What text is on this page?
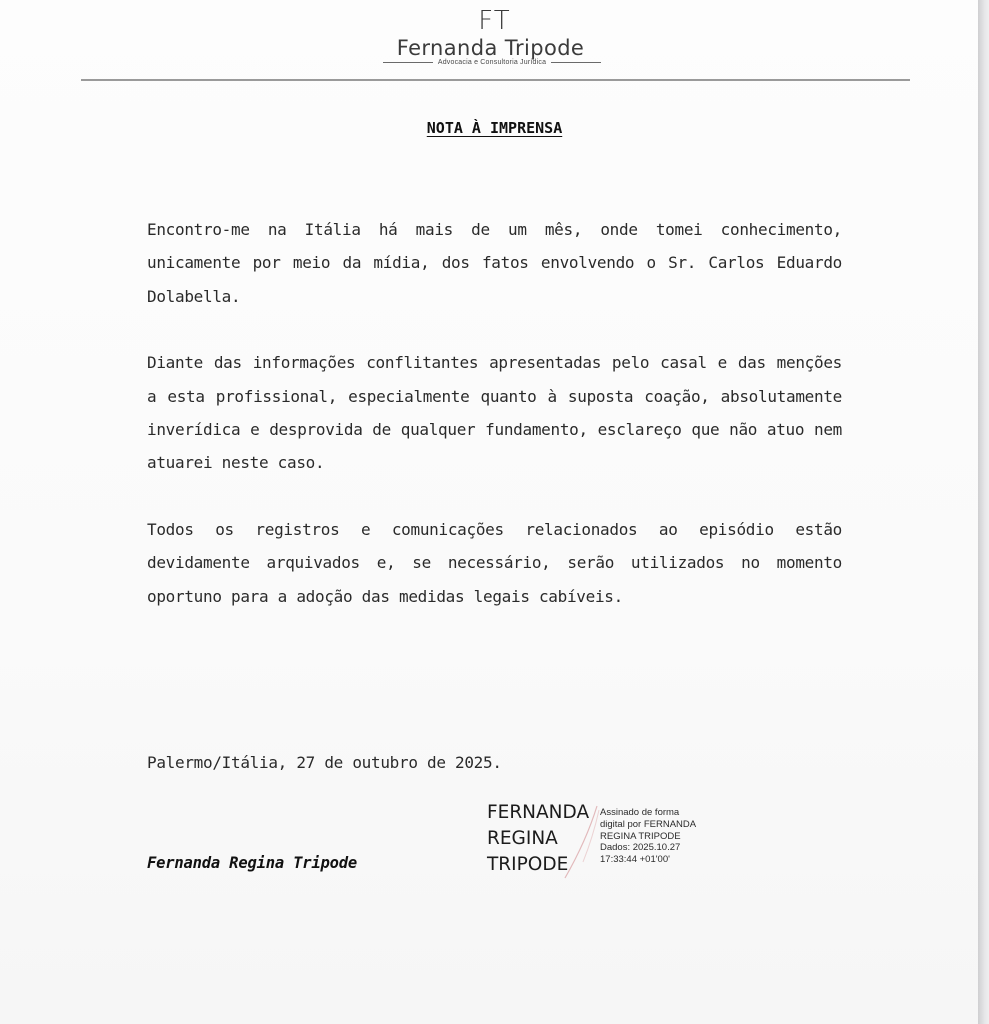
FT
Fernanda Tripode
Advocacia e Consultoria Jurídica
NOTA À IMPRENSA

Encontro-me na Itália há mais de um mês, onde tomei conhecimento, unicamente por meio da mídia, dos fatos envolvendo o Sr. Carlos Eduardo Dolabella.

Diante das informações conflitantes apresentadas pelo casal e das menções a esta profissional, especialmente quanto à suposta coação, absolutamente inverídica e desprovida de qualquer fundamento, esclareço que não atuo nem atuarei neste caso.

Todos os registros e comunicações relacionados ao episódio estão devidamente arquivados e, se necessário, serão utilizados no momento oportuno para a adoção das medidas legais cabíveis.

Palermo/Itália, 27 de outubro de 2025.
Fernanda Regina Tripode
FERNANDA
REGINA
TRIPODE
Assinado de forma
digital por FERNANDA
REGINA TRIPODE
Dados: 2025.10.27
17:33:44 +01'00'
